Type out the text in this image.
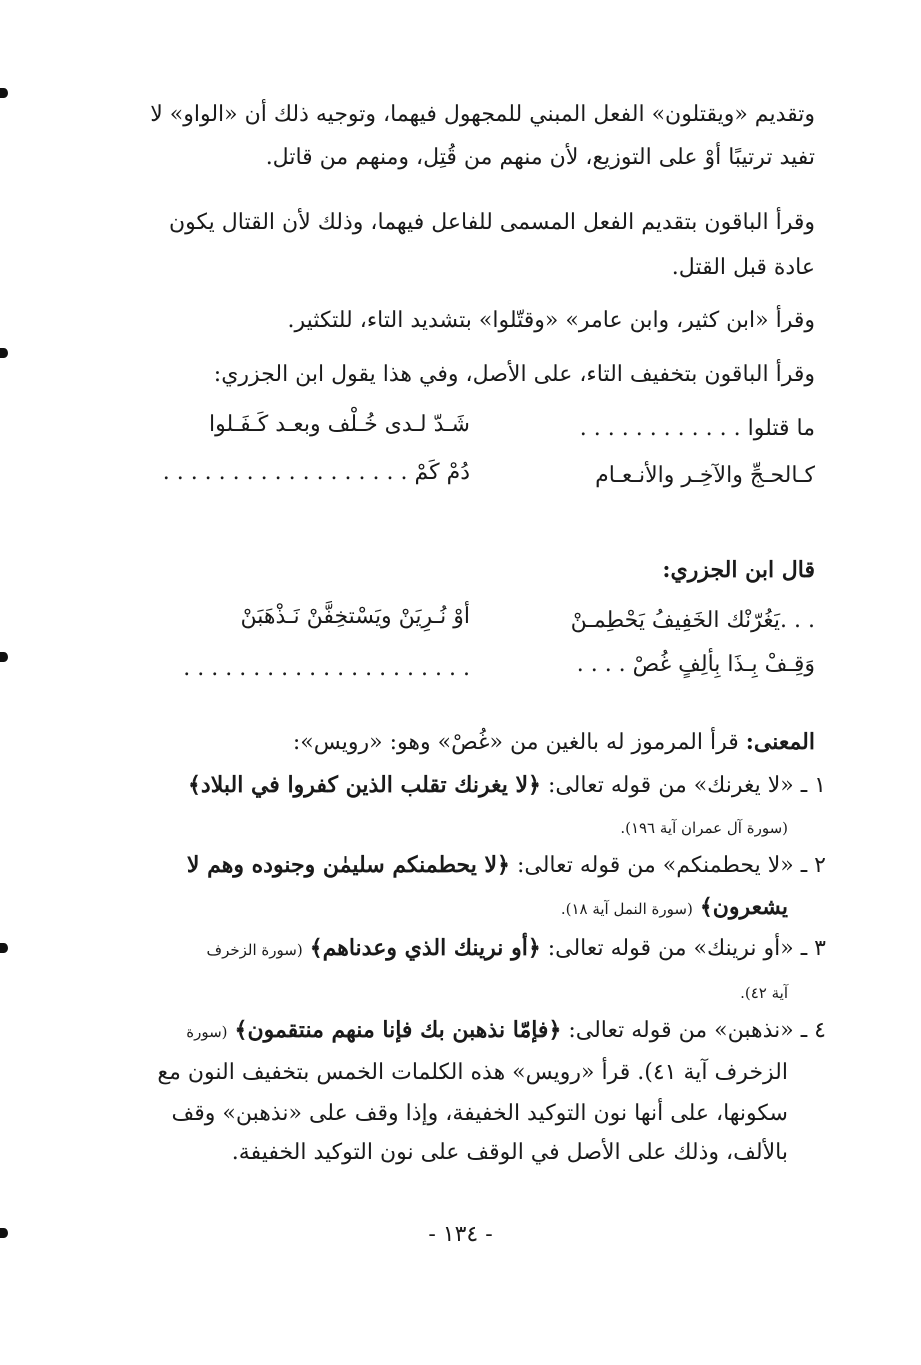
وتقديم «ويقتلون» الفعل المبني للمجهول فيهما، وتوجيه ذلك أن «الواو» لا
تفيد ترتيبًا أوْ على التوزيع، لأن منهم من قُتِل، ومنهم من قاتل.
وقرأ الباقون بتقديم الفعل المسمى للفاعل فيهما، وذلك لأن القتال يكون
عادة قبل القتل.
وقرأ «ابن كثير، وابن عامر» «وقتّلوا» بتشديد التاء، للتكثير.
وقرأ الباقون بتخفيف التاء، على الأصل، وفي هذا يقول ابن الجزري:
ما قتلوا . . . . . . . . . . . .
شَـدّ لـدى خُـلْف وبعـد كَـفَـلوا
كـالحـجِّ والآخِـر والأنـعـام
دُمْ كَمْ . . . . . . . . . . . . . . . . . .
قال ابن الجزري:
. . .يَغُرّنْك الخَفِيفُ يَحْطِمـنْ
أوْ نُـرِيَنْ ويَسْتخِفَّنْ نَـذْهَبَنْ
وَقِـفْ بِـذَا بِألِفٍ غُصْ . . . .
. . . . . . . . . . . . . . . . . . . . .
المعنى: قرأ المرموز له بالغين من «غُصْ» وهو: «رويس»:
١ ـ «لا يغرنك» من قوله تعالى: ﴿لا يغرنك تقلب الذين كفروا في البلاد﴾
(سورة آل عمران آية ١٩٦).
٢ ـ «لا يحطمنكم» من قوله تعالى: ﴿لا يحطمنكم سليمٰن وجنوده وهم لا
يشعرون﴾ (سورة النمل آية ١٨).
٣ ـ «أو نرينك» من قوله تعالى: ﴿أو نرينك الذي وعدناهم﴾ (سورة الزخرف
آية ٤٢).
٤ ـ «نذهبن» من قوله تعالى: ﴿فإمّا نذهبن بك فإنا منهم منتقمون﴾ (سورة
الزخرف آية ٤١). قرأ «رويس» هذه الكلمات الخمس بتخفيف النون مع
سكونها، على أنها نون التوكيد الخفيفة، وإذا وقف على «نذهبن» وقف
بالألف، وذلك على الأصل في الوقف على نون التوكيد الخفيفة.
- ١٣٤ -
